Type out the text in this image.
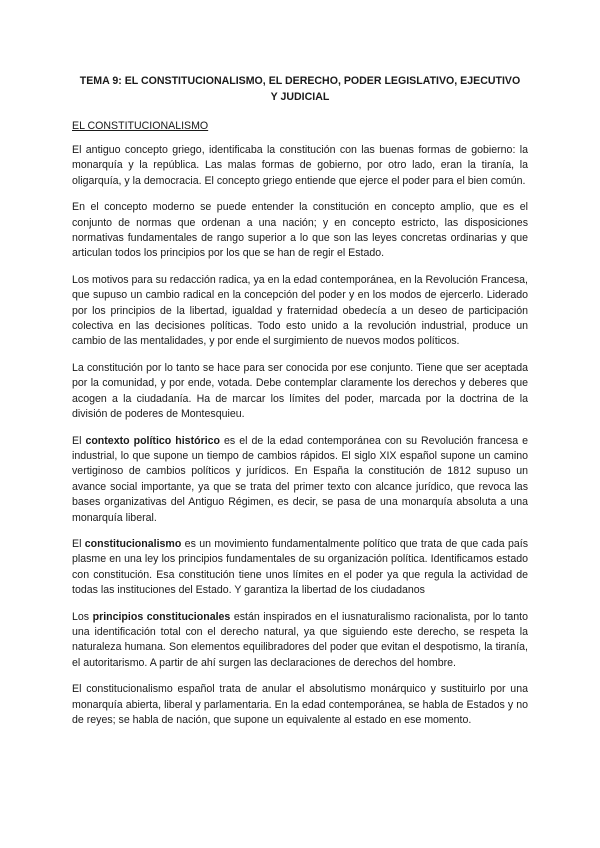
TEMA 9: EL CONSTITUCIONALISMO, EL DERECHO, PODER LEGISLATIVO, EJECUTIVO Y JUDICIAL
EL CONSTITUCIONALISMO

El antiguo concepto griego, identificaba la constitución con las buenas formas de gobierno: la monarquía y la república. Las malas formas de gobierno, por otro lado, eran la tiranía, la oligarquía, y la democracia. El concepto griego entiende que ejerce el poder para el bien común.

En el concepto moderno se puede entender la constitución en concepto amplio, que es el conjunto de normas que ordenan a una nación; y en concepto estricto, las disposiciones normativas fundamentales de rango superior a lo que son las leyes concretas ordinarias y que articulan todos los principios por los que se han de regir el Estado.

Los motivos para su redacción radica, ya en la edad contemporánea, en la Revolución Francesa, que supuso un cambio radical en la concepción del poder y en los modos de ejercerlo. Liderado por los principios de la libertad, igualdad y fraternidad obedecía a un deseo de participación colectiva en las decisiones políticas. Todo esto unido a la revolución industrial, produce un cambio de las mentalidades, y por ende el surgimiento de nuevos modos políticos.

La constitución por lo tanto se hace para ser conocida por ese conjunto. Tiene que ser aceptada por la comunidad, y por ende, votada. Debe contemplar claramente los derechos y deberes que acogen a la ciudadanía. Ha de marcar los límites del poder, marcada por la doctrina de la división de poderes de Montesquieu.

El contexto político histórico es el de la edad contemporánea con su Revolución francesa e industrial, lo que supone un tiempo de cambios rápidos. El siglo XIX español supone un camino vertiginoso de cambios políticos y jurídicos. En España la constitución de 1812 supuso un avance social importante, ya que se trata del primer texto con alcance jurídico, que revoca las bases organizativas del Antiguo Régimen, es decir, se pasa de una monarquía absoluta a una monarquía liberal.

El constitucionalismo es un movimiento fundamentalmente político que trata de que cada país plasme en una ley los principios fundamentales de su organización política. Identificamos estado con constitución. Esa constitución tiene unos límites en el poder ya que regula la actividad de todas las instituciones del Estado. Y garantiza la libertad de los ciudadanos

Los principios constitucionales están inspirados en el iusnaturalismo racionalista, por lo tanto una identificación total con el derecho natural, ya que siguiendo este derecho, se respeta la naturaleza humana. Son elementos equilibradores del poder que evitan el despotismo, la tiranía, el autoritarismo. A partir de ahí surgen las declaraciones de derechos del hombre.

El constitucionalismo español trata de anular el absolutismo monárquico y sustituirlo por una monarquía abierta, liberal y parlamentaria. En la edad contemporánea, se habla de Estados y no de reyes; se habla de nación, que supone un equivalente al estado en ese momento.
